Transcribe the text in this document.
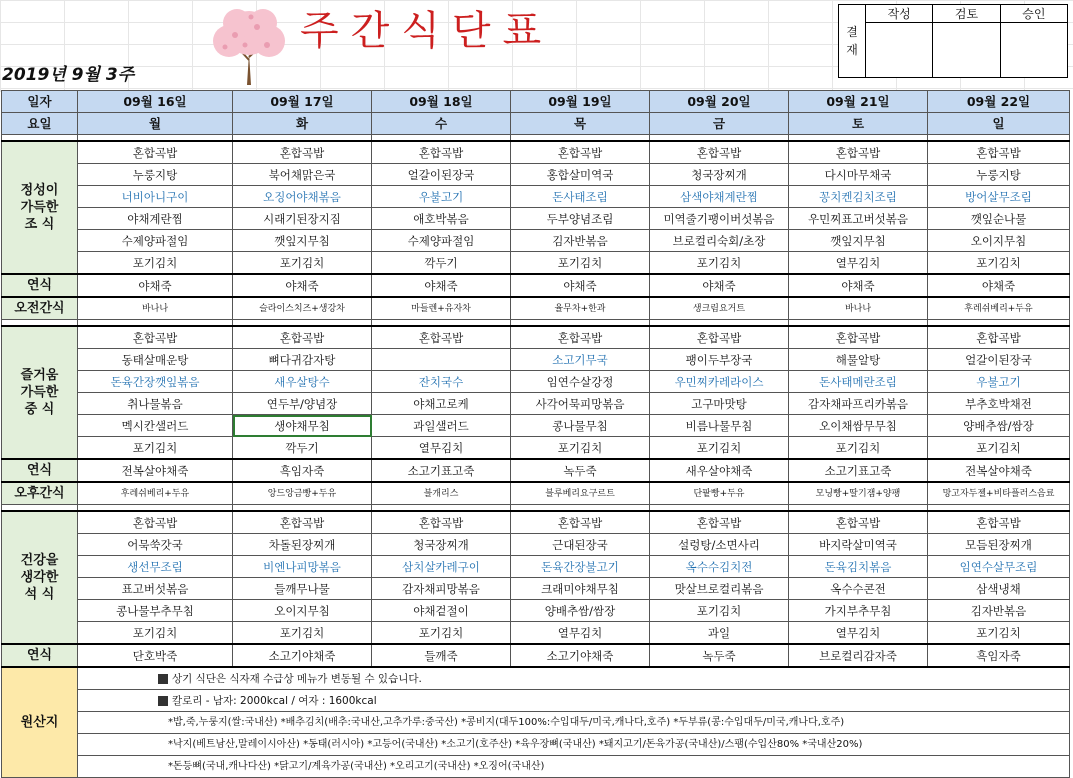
주간식단표
2019년 9월 3주
결재	작성	검토	승인

일자	09월 16일	09월 17일	09월 18일	09월 19일	09월 20일	09월 21일	09월 22일
요일	월	화	수	목	금	토	일

정성이
가득한
조 식	혼합곡밥	혼합곡밥	혼합곡밥	혼합곡밥	혼합곡밥	혼합곡밥	혼합곡밥
	누룽지탕	북어채맑은국	얼갈이된장국	홍합살미역국	청국장찌개	다시마무채국	누룽지탕
	너비아니구이	오징어야채볶음	우불고기	돈사태조림	삼색야채계란찜	꽁치켄김치조림	방어살무조림
	야채계란찜	시래기된장지짐	애호박볶음	두부양념조림	미역줄기팽이버섯볶음	우민찌표고버섯볶음	깻잎순나물
	수제양파절임	깻잎지무침	수제양파절임	김자반볶음	브로컬리숙회/초장	깻잎지무침	오이지무침
	포기김치	포기김치	깍두기	포기김치	포기김치	열무김치	포기김치
연식	야채죽	야채죽	야채죽	야채죽	야채죽	야채죽	야채죽
오전간식	바나나	슬라이스치즈+생강차	마들렌+유자차	율무차+한과	생크림요거트	바나나	후레쉬베리+두유

즐거움
가득한
중 식	혼합곡밥	혼합곡밥	혼합곡밥	혼합곡밥	혼합곡밥	혼합곡밥	혼합곡밥
	동태살매운탕	뼈다귀감자탕		소고기무국	팽이두부장국	해물알탕	얼갈이된장국
	돈육간장깻잎볶음	새우살탕수	잔치국수	임연수살강정	우민찌카레라이스	돈사태메란조림	우불고기
	취나물볶음	연두부/양념장	야채고로케	사각어묵피망볶음	고구마맛탕	감자채파프리카볶음	부추호박채전
	멕시칸샐러드	생야채무침	과일샐러드	콩나물무침	비름나물무침	오이채쌈무무침	양배추쌈/쌈장
	포기김치	깍두기	열무김치	포기김치	포기김치	포기김치	포기김치
연식	전복살야채죽	흑임자죽	소고기표고죽	녹두죽	새우살야채죽	소고기표고죽	전복살야채죽
오후간식	후레쉬베리+두유	앙드앙금빵+두유	블개리스	블루베리요구르트	단팥빵+두유	모닝빵+딸기잼+양팽	망고자두젤+비타플러스음료

건강을
생각한
석 식	혼합곡밥	혼합곡밥	혼합곡밥	혼합곡밥	혼합곡밥	혼합곡밥	혼합곡밥
	어묵쑥갓국	차돌된장찌개	청국장찌개	근대된장국	설렁탕/소면사리	바지락살미역국	모듬된장찌개
	생선무조림	비엔나피망볶음	삼치살카레구이	돈육간장불고기	옥수수김치전	돈육김치볶음	임연수살무조림
	표고버섯볶음	들깨무나물	감자채피망볶음	크래미야채무침	맛살브로컬리볶음	옥수수콘전	삼색냉채
	콩나물부추무침	오이지무침	야채겉절이	양배추쌈/쌈장	포기김치	가지부추무침	김자반볶음
	포기김치	포기김치	포기김치	열무김치	과일	열무김치	포기김치
연식	단호박죽	소고기야채죽	들깨죽	소고기야채죽	녹두죽	브로컬리감자죽	흑임자죽
원산지	상기 식단은 식자재 수급상 메뉴가 변동될 수 있습니다.						
	칼로리 - 남자: 2000kcal / 여자 : 1600kcal						
	*밥,죽,누룽지(쌀:국내산) *배추김치(배추:국내산,고추가루:중국산) *콩비지(대두100%:수입대두/미국,캐나다,호주) *두부류(콩:수입대두/미국,캐나다,호주)						
	*낙지(베트남산,말레이시아산) *동태(러시아) *고등어(국내산) *소고기(호주산) *육우장뼈(국내산) *돼지고기/돈육가공(국내산)/스팸(수입산80% *국내산20%)						
	*돈등뼈(국내,캐나다산) *닭고기/계육가공(국내산) *오리고기(국내산) *오징어(국내산)						
